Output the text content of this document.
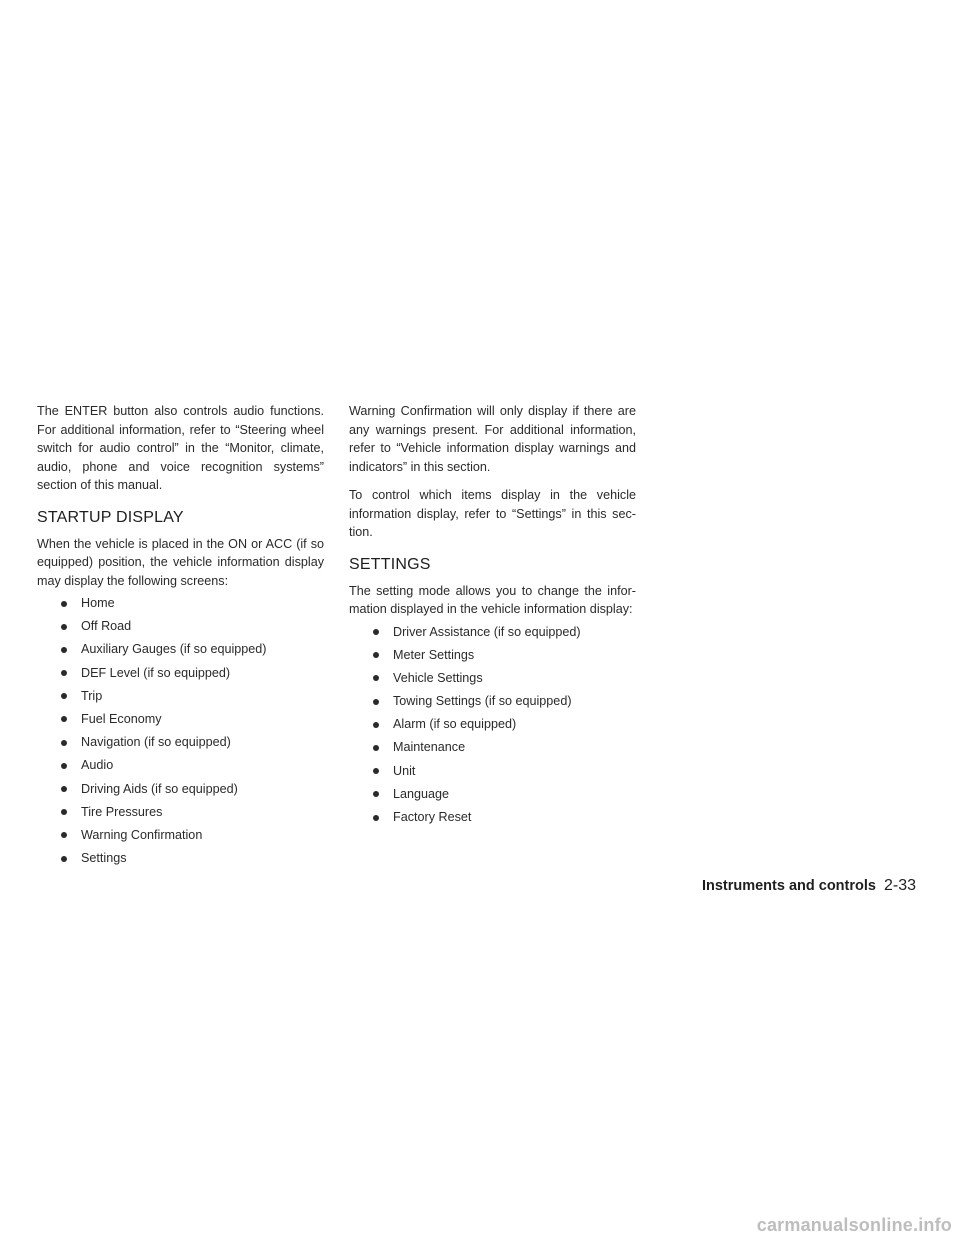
The ENTER button also controls audio functions. For additional information, refer to “Steering wheel switch for audio control” in the “Monitor, climate, audio, phone and voice recognition systems” section of this manual.

STARTUP DISPLAY

When the vehicle is placed in the ON or ACC (if so equipped) position, the vehicle information display may display the following screens:

Home
Off Road
Auxiliary Gauges (if so equipped)
DEF Level (if so equipped)
Trip
Fuel Economy
Navigation (if so equipped)
Audio
Driving Aids (if so equipped)
Tire Pressures
Warning Confirmation
Settings

Warning Confirmation will only display if there are any warnings present. For additional information, refer to “Vehicle information display warnings and indicators” in this section.

To control which items display in the vehicle information display, refer to “Settings” in this section.

SETTINGS

The setting mode allows you to change the information displayed in the vehicle information display:

Driver Assistance (if so equipped)
Meter Settings
Vehicle Settings
Towing Settings (if so equipped)
Alarm (if so equipped)
Maintenance
Unit
Language
Factory Reset
Instruments and controls 2-33
carmanualsonline.info
